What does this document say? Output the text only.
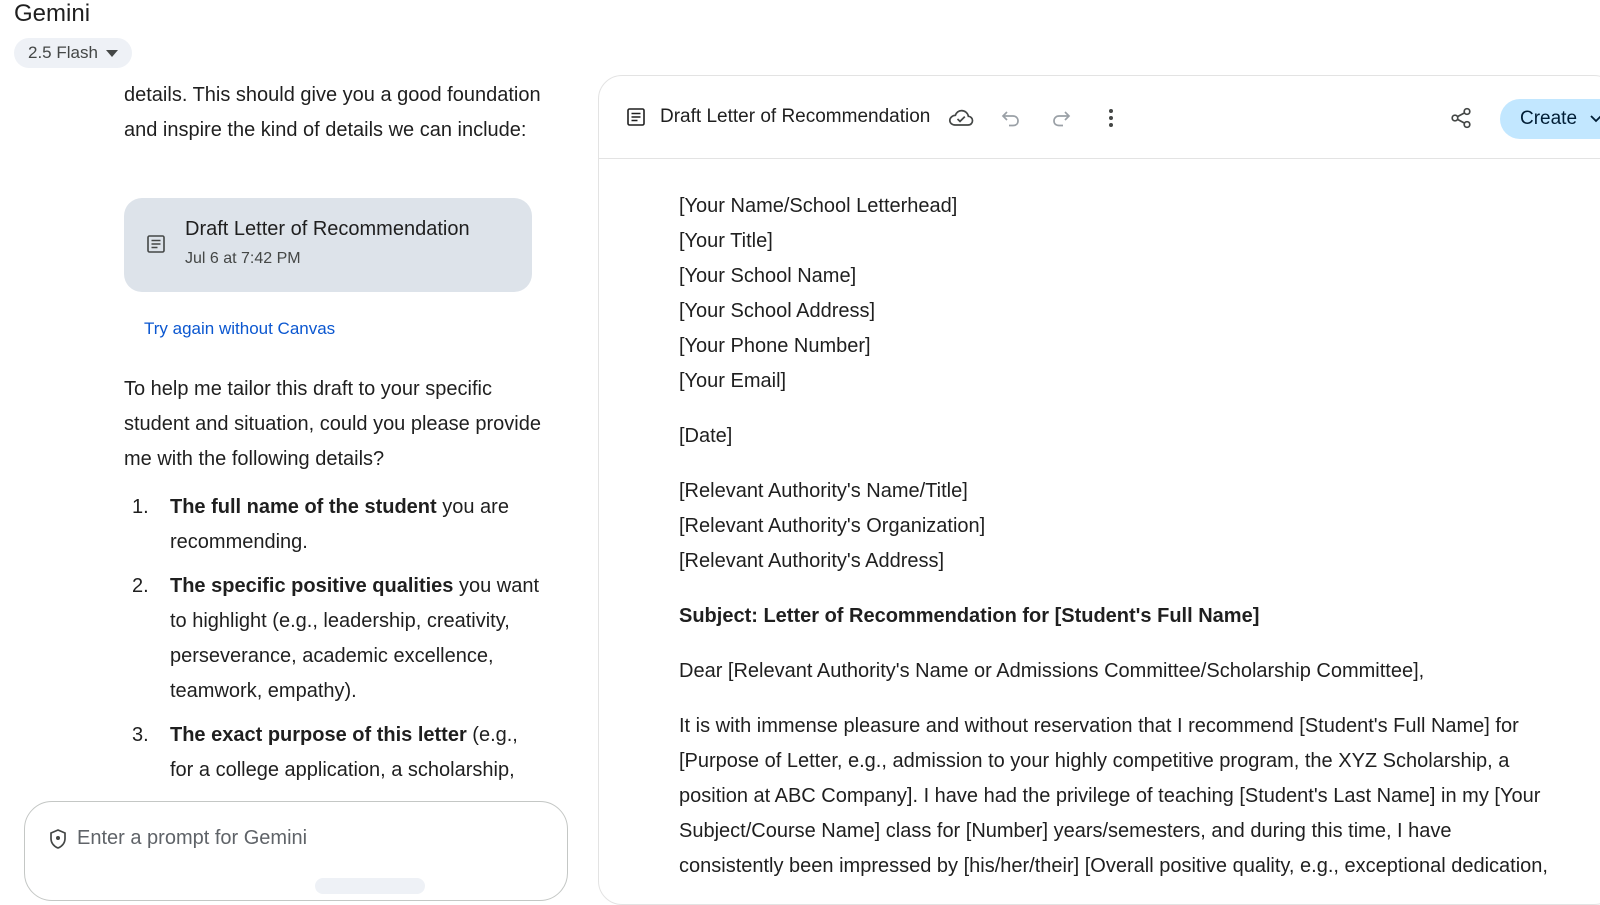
Gemini
2.5 Flash

details. This should give you a good foundation and inspire the kind of details we can include:

Draft Letter of Recommendation
Jul 6 at 7:42 PM
Try again without Canvas

To help me tailor this draft to your specific student and situation, could you please provide me with the following details?

1. The full name of the student you are recommending.
2. The specific positive qualities you want to highlight (e.g., leadership, creativity, perseverance, academic excellence, teamwork, empathy).
3. The exact purpose of this letter (e.g., for a college application, a scholarship,
Enter a prompt for Gemini
Draft Letter of Recommendation	Create
[Your Name/School Letterhead]
[Your Title]
[Your School Name]
[Your School Address]
[Your Phone Number]
[Your Email]
[Date]
[Relevant Authority's Name/Title]
[Relevant Authority's Organization]
[Relevant Authority's Address]
Subject: Letter of Recommendation for [Student's Full Name]
Dear [Relevant Authority's Name or Admissions Committee/Scholarship Committee],
It is with immense pleasure and without reservation that I recommend [Student's Full Name] for
[Purpose of Letter, e.g., admission to your highly competitive program, the XYZ Scholarship, a
position at ABC Company]. I have had the privilege of teaching [Student's Last Name] in my [Your
Subject/Course Name] class for [Number] years/semesters, and during this time, I have
consistently been impressed by [his/her/their] [Overall positive quality, e.g., exceptional dedication,
